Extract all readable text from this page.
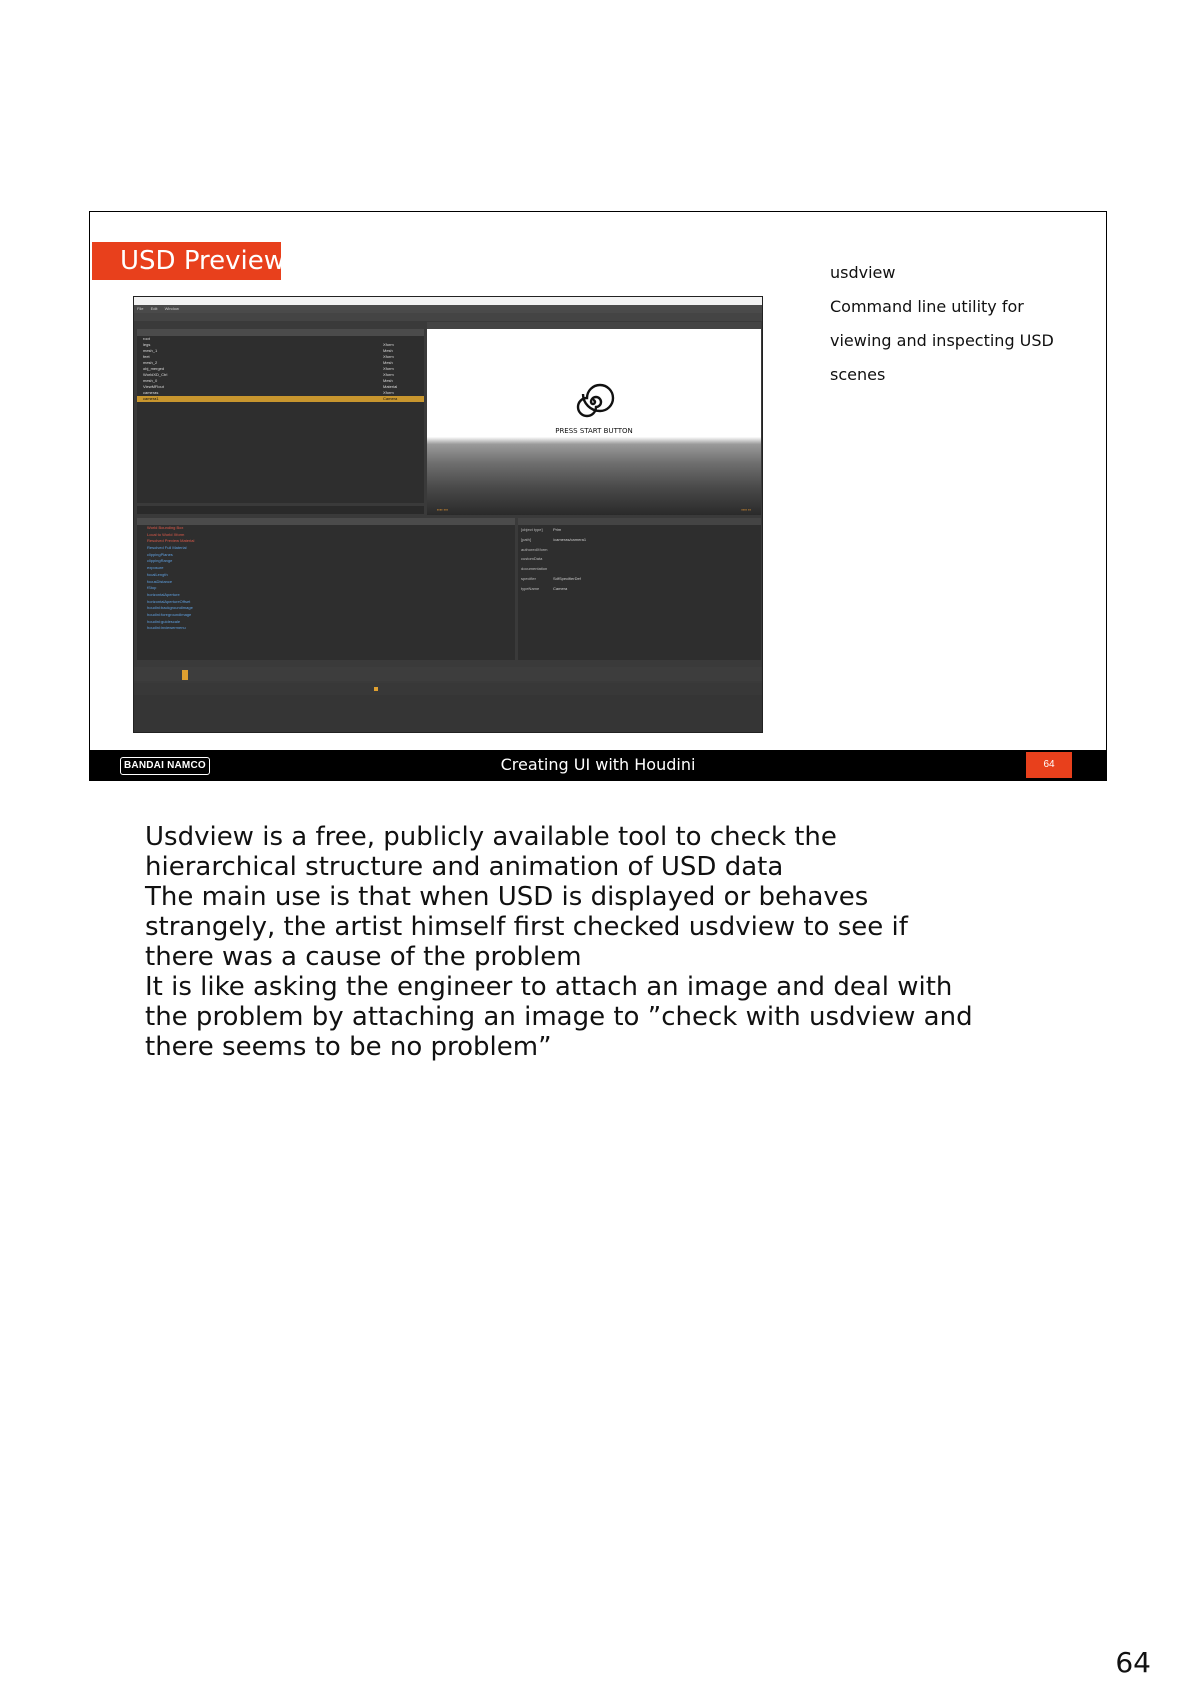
USD Preview
File Edit Window
root
legs	Xform
mesh_1	Mesh
feet	Xform
mesh_2	Mesh
obj_merged	Xform
WorldXD_Ctrl	Xform
mesh_0	Mesh
ViewMFlout	Material
cameras	Xform
camera1	Camera
PRESS START BUTTON
▪▪▪▪ ▪▪▪	▪▪▪▪ ▪▪
World Bounding Box
Local to World Xform
Resolved Preview Material
Resolved Full Material
clippingPlanes
clippingRange
exposure
focalLength
focusDistance
fStop
horizontalAperture
horizontalApertureOffset
houdini:backgroundimage
houdini:foregroundimage
houdini:guidescale
houdini:inviewermenu
[object type]	Prim
[path]	/cameras/camera1
authoredXform
customData
documentation
specifier	SdfSpecifierDef
typeName	Camera
usdview
Command line utility for
viewing and inspecting USD
scenes
BANDAI NAMCO	Creating UI with Houdini	64
Usdview is a free, publicly available tool to check the
hierarchical structure and animation of USD data
The main use is that when USD is displayed or behaves
strangely, the artist himself first checked usdview to see if
there was a cause of the problem
It is like asking the engineer to attach an image and deal with
the problem by attaching an image to ”check with usdview and
there seems to be no problem”
64
